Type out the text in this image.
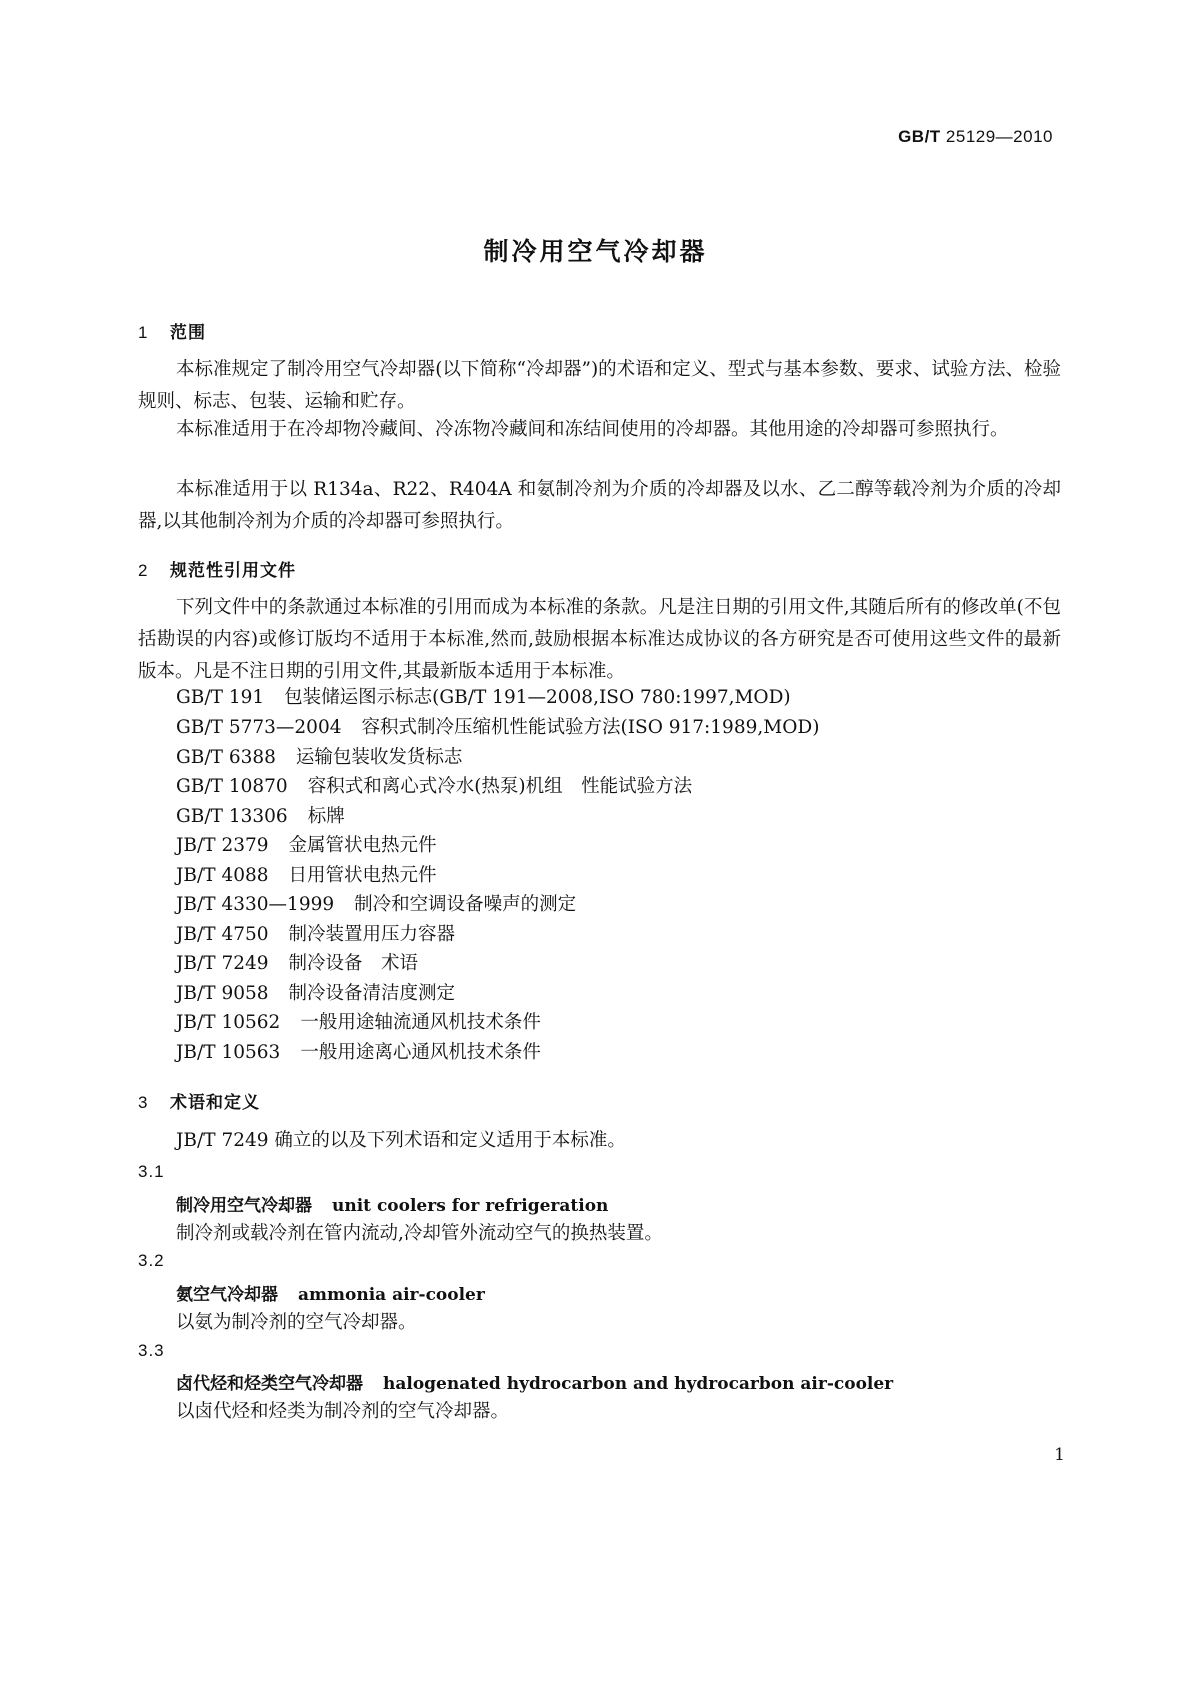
GB/T 25129—2010
制冷用空气冷却器
1 范围

本标准规定了制冷用空气冷却器(以下简称“冷却器”)的术语和定义、型式与基本参数、要求、试验方法、检验规则、标志、包装、运输和贮存。

本标准适用于在冷却物冷藏间、冷冻物冷藏间和冻结间使用的冷却器。其他用途的冷却器可参照执行。

本标准适用于以 R134a、R22、R404A 和氨制冷剂为介质的冷却器及以水、乙二醇等载冷剂为介质的冷却器,以其他制冷剂为介质的冷却器可参照执行。

2 规范性引用文件

下列文件中的条款通过本标准的引用而成为本标准的条款。凡是注日期的引用文件,其随后所有的修改单(不包括勘误的内容)或修订版均不适用于本标准,然而,鼓励根据本标准达成协议的各方研究是否可使用这些文件的最新版本。凡是不注日期的引用文件,其最新版本适用于本标准。

GB/T 191 包装储运图示标志(GB/T 191—2008,ISO 780:1997,MOD)
GB/T 5773—2004 容积式制冷压缩机性能试验方法(ISO 917:1989,MOD)
GB/T 6388 运输包装收发货标志
GB/T 10870 容积式和离心式冷水(热泵)机组　性能试验方法
GB/T 13306 标牌
JB/T 2379 金属管状电热元件
JB/T 4088 日用管状电热元件
JB/T 4330—1999 制冷和空调设备噪声的测定
JB/T 4750 制冷装置用压力容器
JB/T 7249 制冷设备　术语
JB/T 9058 制冷设备清洁度测定
JB/T 10562 一般用途轴流通风机技术条件
JB/T 10563 一般用途离心通风机技术条件
3 术语和定义
JB/T 7249 确立的以及下列术语和定义适用于本标准。
3.1
制冷用空气冷却器 unit coolers for refrigeration
制冷剂或载冷剂在管内流动,冷却管外流动空气的换热装置。
3.2
氨空气冷却器 ammonia air-cooler
以氨为制冷剂的空气冷却器。
3.3
卤代烃和烃类空气冷却器 halogenated hydrocarbon and hydrocarbon air-cooler
以卤代烃和烃类为制冷剂的空气冷却器。
1
